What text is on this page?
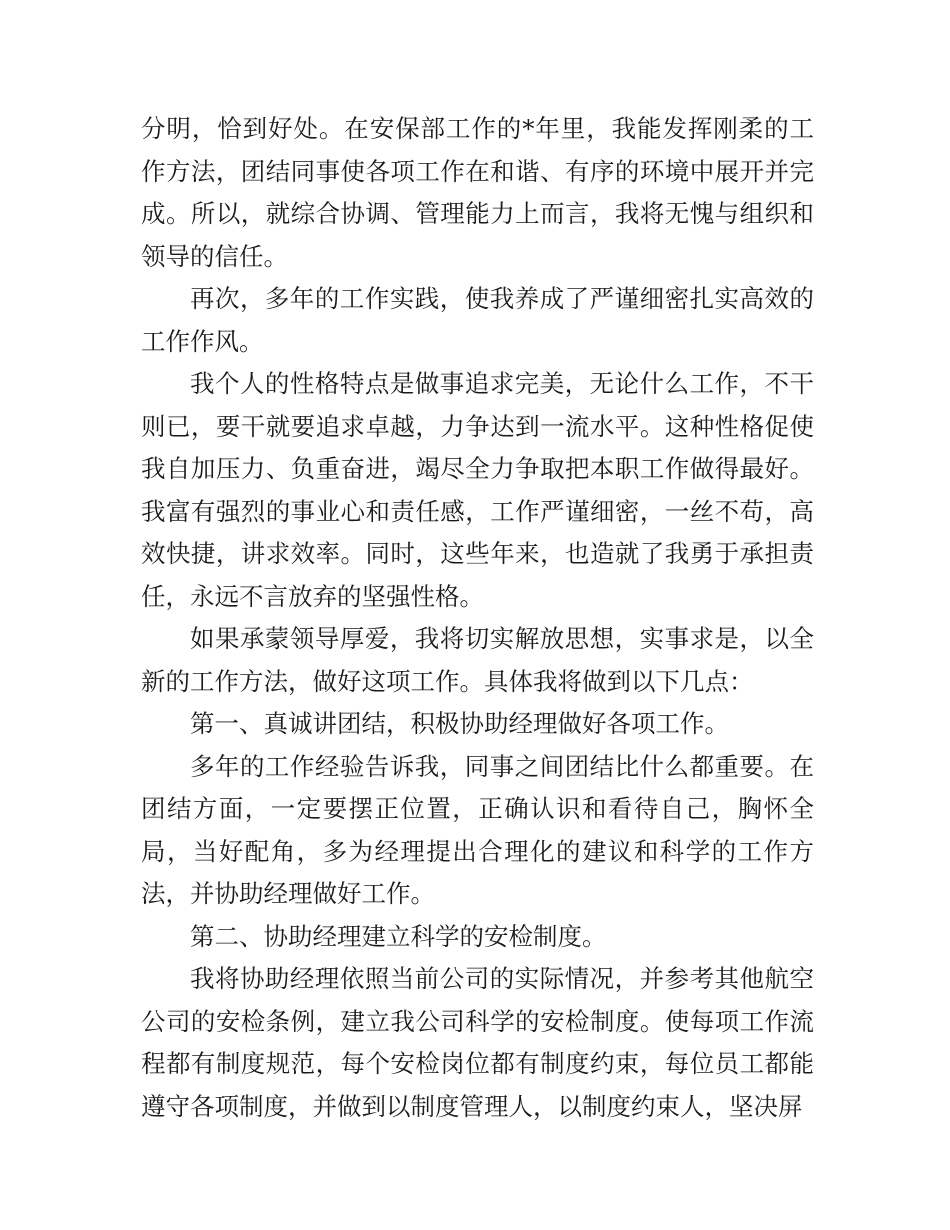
分明，恰到好处。在安保部工作的*年里，我能发挥刚柔的工作方法，团结同事使各项工作在和谐、有序的环境中展开并完成。所以，就综合协调、管理能力上而言，我将无愧与组织和领导的信任。

再次，多年的工作实践，使我养成了严谨细密扎实高效的工作作风。

我个人的性格特点是做事追求完美，无论什么工作，不干则已，要干就要追求卓越，力争达到一流水平。这种性格促使我自加压力、负重奋进，竭尽全力争取把本职工作做得最好。我富有强烈的事业心和责任感，工作严谨细密，一丝不苟，高效快捷，讲求效率。同时，这些年来，也造就了我勇于承担责任，永远不言放弃的坚强性格。

如果承蒙领导厚爱，我将切实解放思想，实事求是，以全新的工作方法，做好这项工作。具体我将做到以下几点：

第一、真诚讲团结，积极协助经理做好各项工作。

多年的工作经验告诉我，同事之间团结比什么都重要。在团结方面，一定要摆正位置，正确认识和看待自己，胸怀全局，当好配角，多为经理提出合理化的建议和科学的工作方法，并协助经理做好工作。

第二、协助经理建立科学的安检制度。

我将协助经理依照当前公司的实际情况，并参考其他航空公司的安检条例，建立我公司科学的安检制度。使每项工作流程都有制度规范，每个安检岗位都有制度约束，每位员工都能遵守各项制度，并做到以制度管理人，以制度约束人，坚决屏
